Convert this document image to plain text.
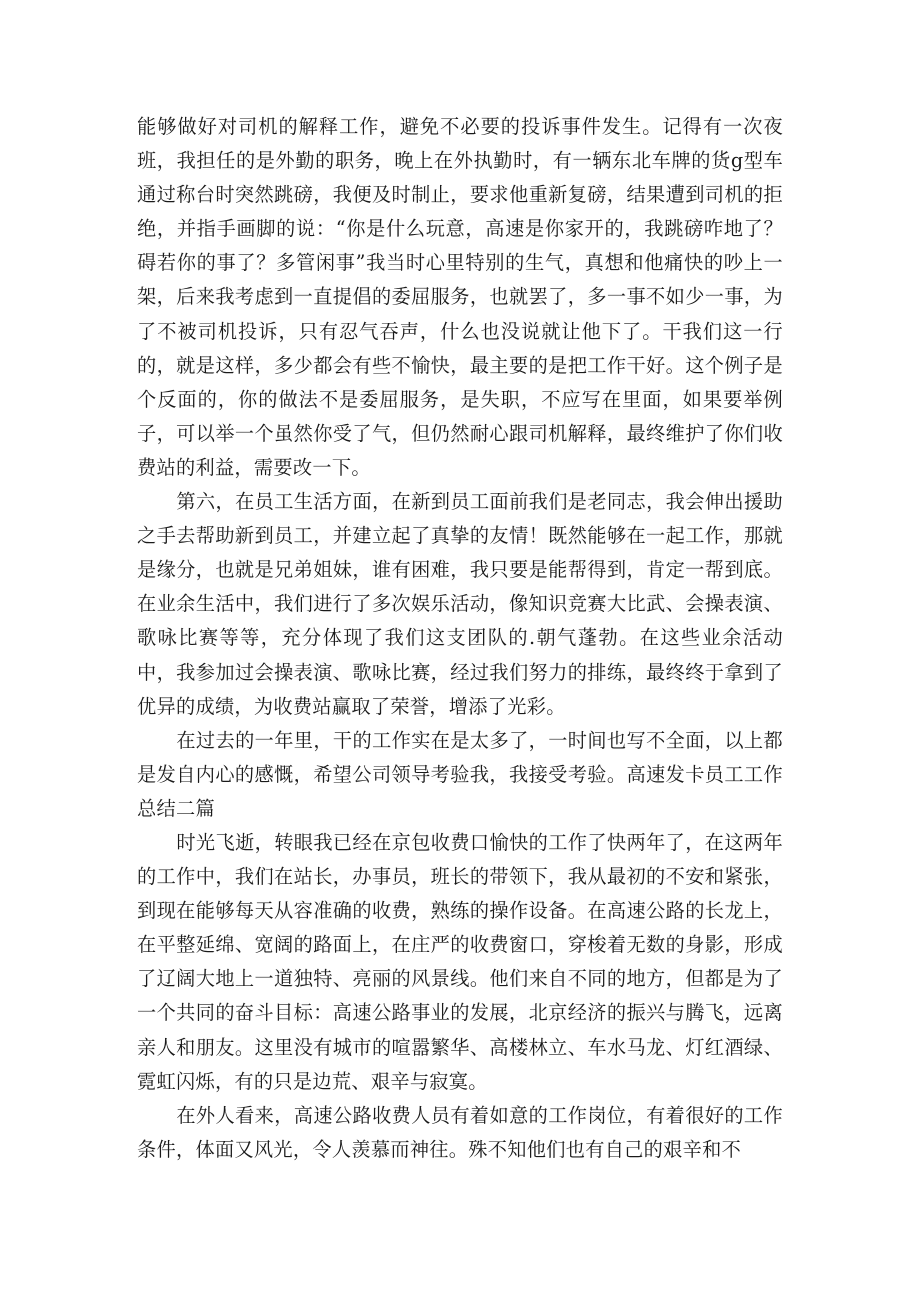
能够做好对司机的解释工作，避免不必要的投诉事件发生。记得有一次夜班，我担任的是外勤的职务，晚上在外执勤时，有一辆东北车牌的货g型车通过称台时突然跳磅，我便及时制止，要求他重新复磅，结果遭到司机的拒绝，并指手画脚的说：“你是什么玩意，高速是你家开的，我跳磅咋地了？碍若你的事了？多管闲事”我当时心里特别的生气，真想和他痛快的吵上一架，后来我考虑到一直提倡的委屈服务，也就罢了，多一事不如少一事，为了不被司机投诉，只有忍气吞声，什么也没说就让他下了。干我们这一行的，就是这样，多少都会有些不愉快，最主要的是把工作干好。这个例子是个反面的，你的做法不是委屈服务，是失职，不应写在里面，如果要举例子，可以举一个虽然你受了气，但仍然耐心跟司机解释，最终维护了你们收费站的利益，需要改一下。

第六，在员工生活方面，在新到员工面前我们是老同志，我会伸出援助之手去帮助新到员工，并建立起了真挚的友情！既然能够在一起工作，那就是缘分，也就是兄弟姐妹，谁有困难，我只要是能帮得到，肯定一帮到底。在业余生活中，我们进行了多次娱乐活动，像知识竞赛大比武、会操表演、歌咏比赛等等，充分体现了我们这支团队的.朝气蓬勃。在这些业余活动中，我参加过会操表演、歌咏比赛，经过我们努力的排练，最终终于拿到了优异的成绩，为收费站赢取了荣誉，增添了光彩。

在过去的一年里，干的工作实在是太多了，一时间也写不全面，以上都是发自内心的感慨，希望公司领导考验我，我接受考验。高速发卡员工工作总结二篇

时光飞逝，转眼我已经在京包收费口愉快的工作了快两年了，在这两年的工作中，我们在站长，办事员，班长的带领下，我从最初的不安和紧张，到现在能够每天从容准确的收费，熟练的操作设备。在高速公路的长龙上，在平整延绵、宽阔的路面上，在庄严的收费窗口，穿梭着无数的身影，形成了辽阔大地上一道独特、亮丽的风景线。他们来自不同的地方，但都是为了一个共同的奋斗目标：高速公路事业的发展，北京经济的振兴与腾飞，远离亲人和朋友。这里没有城市的喧嚣繁华、高楼林立、车水马龙、灯红酒绿、霓虹闪烁，有的只是边荒、艰辛与寂寞。

在外人看来，高速公路收费人员有着如意的工作岗位，有着很好的工作条件，体面又风光，令人羡慕而神往。殊不知他们也有自己的艰辛和不
